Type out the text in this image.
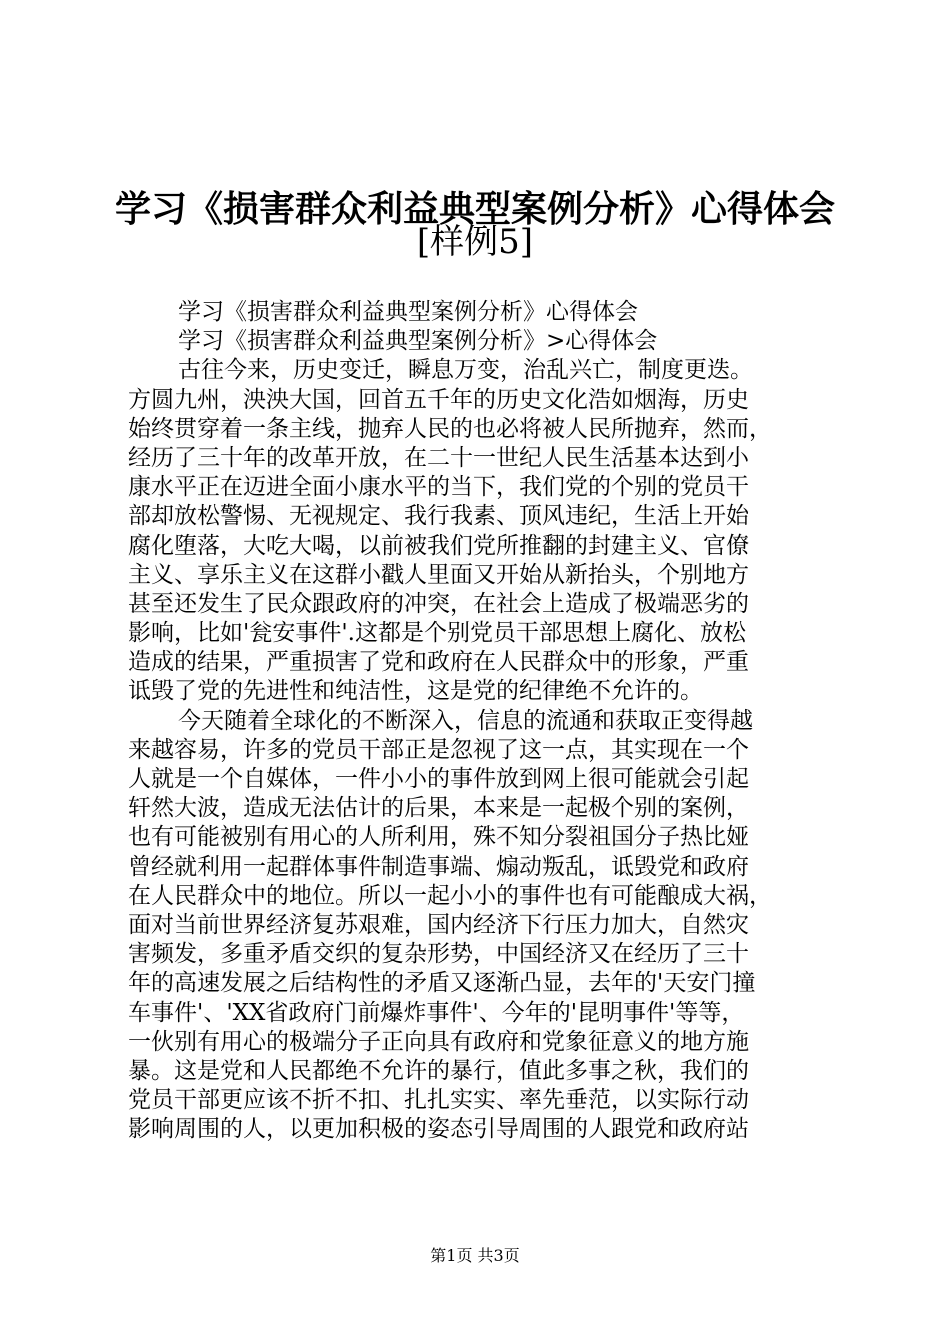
学习《损害群众利益典型案例分析》心得体会
[样例5]
学习《损害群众利益典型案例分析》心得体会
学习《损害群众利益典型案例分析》>心得体会
古往今来，历史变迁，瞬息万变，治乱兴亡，制度更迭。
方圆九州，泱泱大国，回首五千年的历史文化浩如烟海，历史
始终贯穿着一条主线，抛弃人民的也必将被人民所抛弃，然而，
经历了三十年的改革开放，在二十一世纪人民生活基本达到小
康水平正在迈进全面小康水平的当下，我们党的个别的党员干
部却放松警惕、无视规定、我行我素、顶风违纪，生活上开始
腐化堕落，大吃大喝，以前被我们党所推翻的封建主义、官僚
主义、享乐主义在这群小戳人里面又开始从新抬头，个别地方
甚至还发生了民众跟政府的冲突，在社会上造成了极端恶劣的
影响，比如'瓮安事件'.这都是个别党员干部思想上腐化、放松
造成的结果，严重损害了党和政府在人民群众中的形象，严重
诋毁了党的先进性和纯洁性，这是党的纪律绝不允许的。
今天随着全球化的不断深入，信息的流通和获取正变得越
来越容易，许多的党员干部正是忽视了这一点，其实现在一个
人就是一个自媒体，一件小小的事件放到网上很可能就会引起
轩然大波，造成无法估计的后果，本来是一起极个别的案例，
也有可能被别有用心的人所利用，殊不知分裂祖国分子热比娅
曾经就利用一起群体事件制造事端、煽动叛乱，诋毁党和政府
在人民群众中的地位。所以一起小小的事件也有可能酿成大祸，
面对当前世界经济复苏艰难，国内经济下行压力加大，自然灾
害频发，多重矛盾交织的复杂形势，中国经济又在经历了三十
年的高速发展之后结构性的矛盾又逐渐凸显，去年的'天安门撞
车事件'、'XX省政府门前爆炸事件'、今年的'昆明事件'等等，
一伙别有用心的极端分子正向具有政府和党象征意义的地方施
暴。这是党和人民都绝不允许的暴行，值此多事之秋，我们的
党员干部更应该不折不扣、扎扎实实、率先垂范，以实际行动
影响周围的人，以更加积极的姿态引导周围的人跟党和政府站
第1页 共3页
